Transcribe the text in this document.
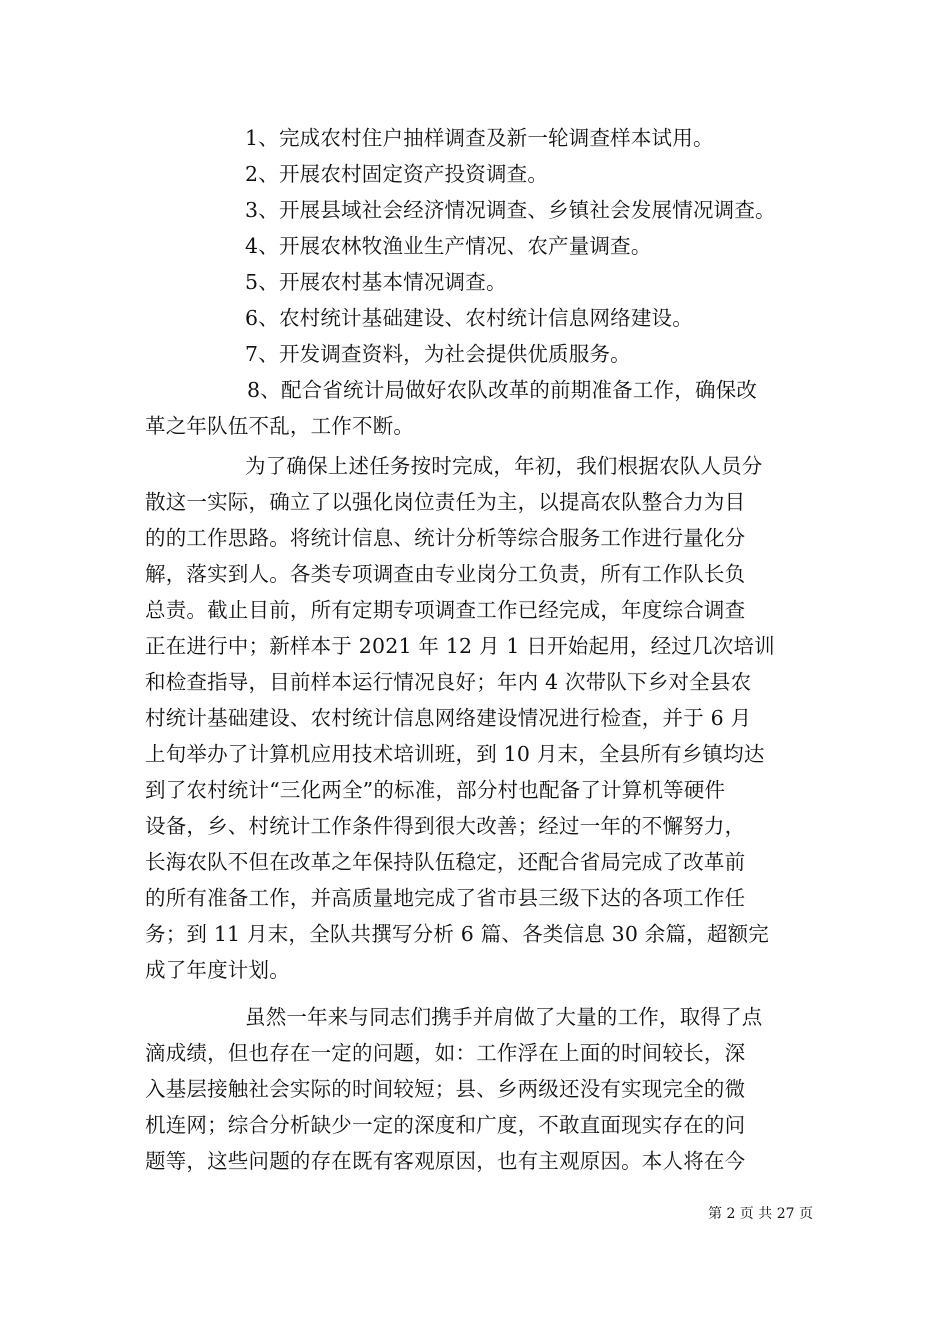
1、完成农村住户抽样调查及新一轮调查样本试用。
2、开展农村固定资产投资调查。
3、开展县域社会经济情况调查、乡镇社会发展情况调查。
4、开展农林牧渔业生产情况、农产量调查。
5、开展农村基本情况调查。
6、农村统计基础建设、农村统计信息网络建设。
7、开发调查资料，为社会提供优质服务。
8、配合省统计局做好农队改革的前期准备工作，确保改
革之年队伍不乱，工作不断。
为了确保上述任务按时完成，年初，我们根据农队人员分
散这一实际，确立了以强化岗位责任为主，以提高农队整合力为目
的的工作思路。将统计信息、统计分析等综合服务工作进行量化分
解，落实到人。各类专项调查由专业岗分工负责，所有工作队长负
总责。截止目前，所有定期专项调查工作已经完成，年度综合调查
正在进行中；新样本于 2021 年 12 月 1 日开始起用，经过几次培训
和检查指导，目前样本运行情况良好；年内 4 次带队下乡对全县农
村统计基础建设、农村统计信息网络建设情况进行检查，并于 6 月
上旬举办了计算机应用技术培训班，到 10 月末，全县所有乡镇均达
到了农村统计“三化两全”的标准，部分村也配备了计算机等硬件
设备，乡、村统计工作条件得到很大改善；经过一年的不懈努力，
长海农队不但在改革之年保持队伍稳定，还配合省局完成了改革前
的所有准备工作，并高质量地完成了省市县三级下达的各项工作任
务；到 11 月末，全队共撰写分析 6 篇、各类信息 30 余篇，超额完
成了年度计划。
虽然一年来与同志们携手并肩做了大量的工作，取得了点
滴成绩，但也存在一定的问题，如：工作浮在上面的时间较长，深
入基层接触社会实际的时间较短；县、乡两级还没有实现完全的微
机连网；综合分析缺少一定的深度和广度，不敢直面现实存在的问
题等，这些问题的存在既有客观原因，也有主观原因。本人将在今
第 2 页 共 27 页
